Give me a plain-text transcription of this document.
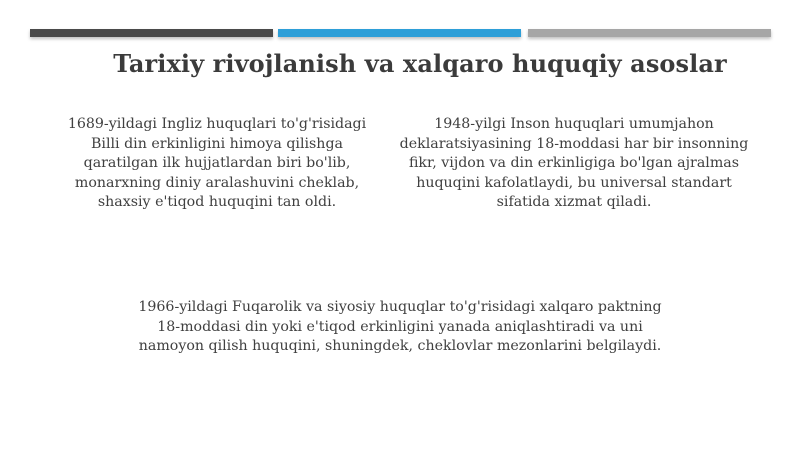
Tarixiy rivojlanish va xalqaro huquqiy asoslar
1689-yildagi Ingliz huquqlari to'g'risidagi Billi din erkinligini himoya qilishga qaratilgan ilk hujjatlardan biri bo'lib, monarxning diniy aralashuvini cheklab, shaxsiy e'tiqod huquqini tan oldi.
1948-yilgi Inson huquqlari umumjahon deklaratsiyasining 18-moddasi har bir insonning fikr, vijdon va din erkinligiga bo'lgan ajralmas huquqini kafolatlaydi, bu universal standart sifatida xizmat qiladi.
1966-yildagi Fuqarolik va siyosiy huquqlar to'g'risidagi xalqaro paktning 18-moddasi din yoki e'tiqod erkinligini yanada aniqlashtiradi va uni namoyon qilish huquqini, shuningdek, cheklovlar mezonlarini belgilaydi.
